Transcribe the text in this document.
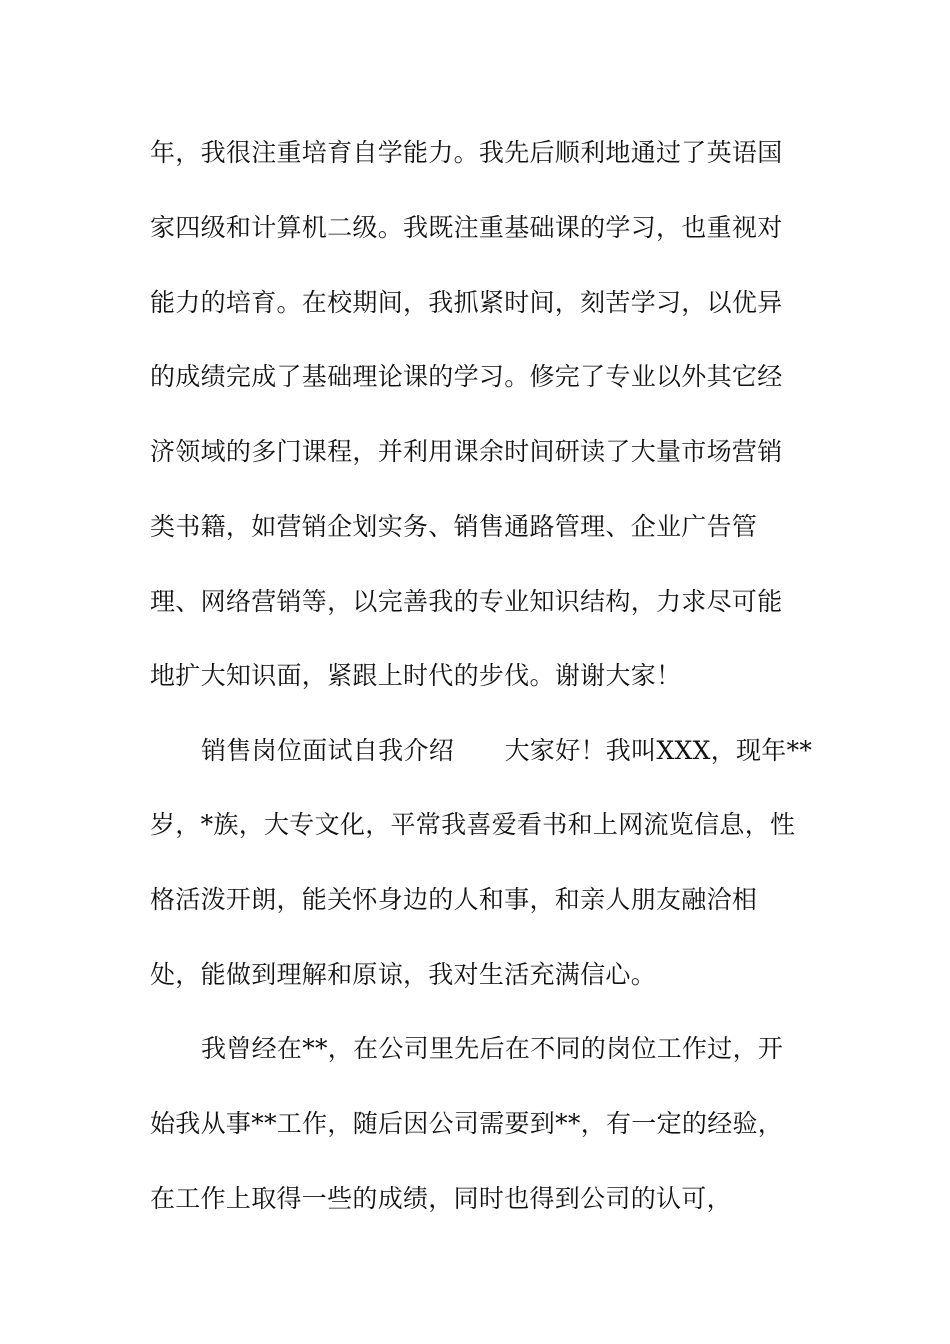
年，我很注重培育自学能力。我先后顺利地通过了英语国
家四级和计算机二级。我既注重基础课的学习，也重视对
能力的培育。在校期间，我抓紧时间，刻苦学习，以优异
的成绩完成了基础理论课的学习。修完了专业以外其它经
济领域的多门课程，并利用课余时间研读了大量市场营销
类书籍，如营销企划实务、销售通路管理、企业广告管
理、网络营销等，以完善我的专业知识结构，力求尽可能
地扩大知识面，紧跟上时代的步伐。谢谢大家！
销售岗位面试自我介绍　　大家好！我叫XXX，现年**
岁，*族，大专文化，平常我喜爱看书和上网流览信息，性
格活泼开朗，能关怀身边的人和事，和亲人朋友融洽相
处，能做到理解和原谅，我对生活充满信心。
我曾经在**，在公司里先后在不同的岗位工作过，开
始我从事**工作，随后因公司需要到**，有一定的经验，
在工作上取得一些的成绩，同时也得到公司的认可，
